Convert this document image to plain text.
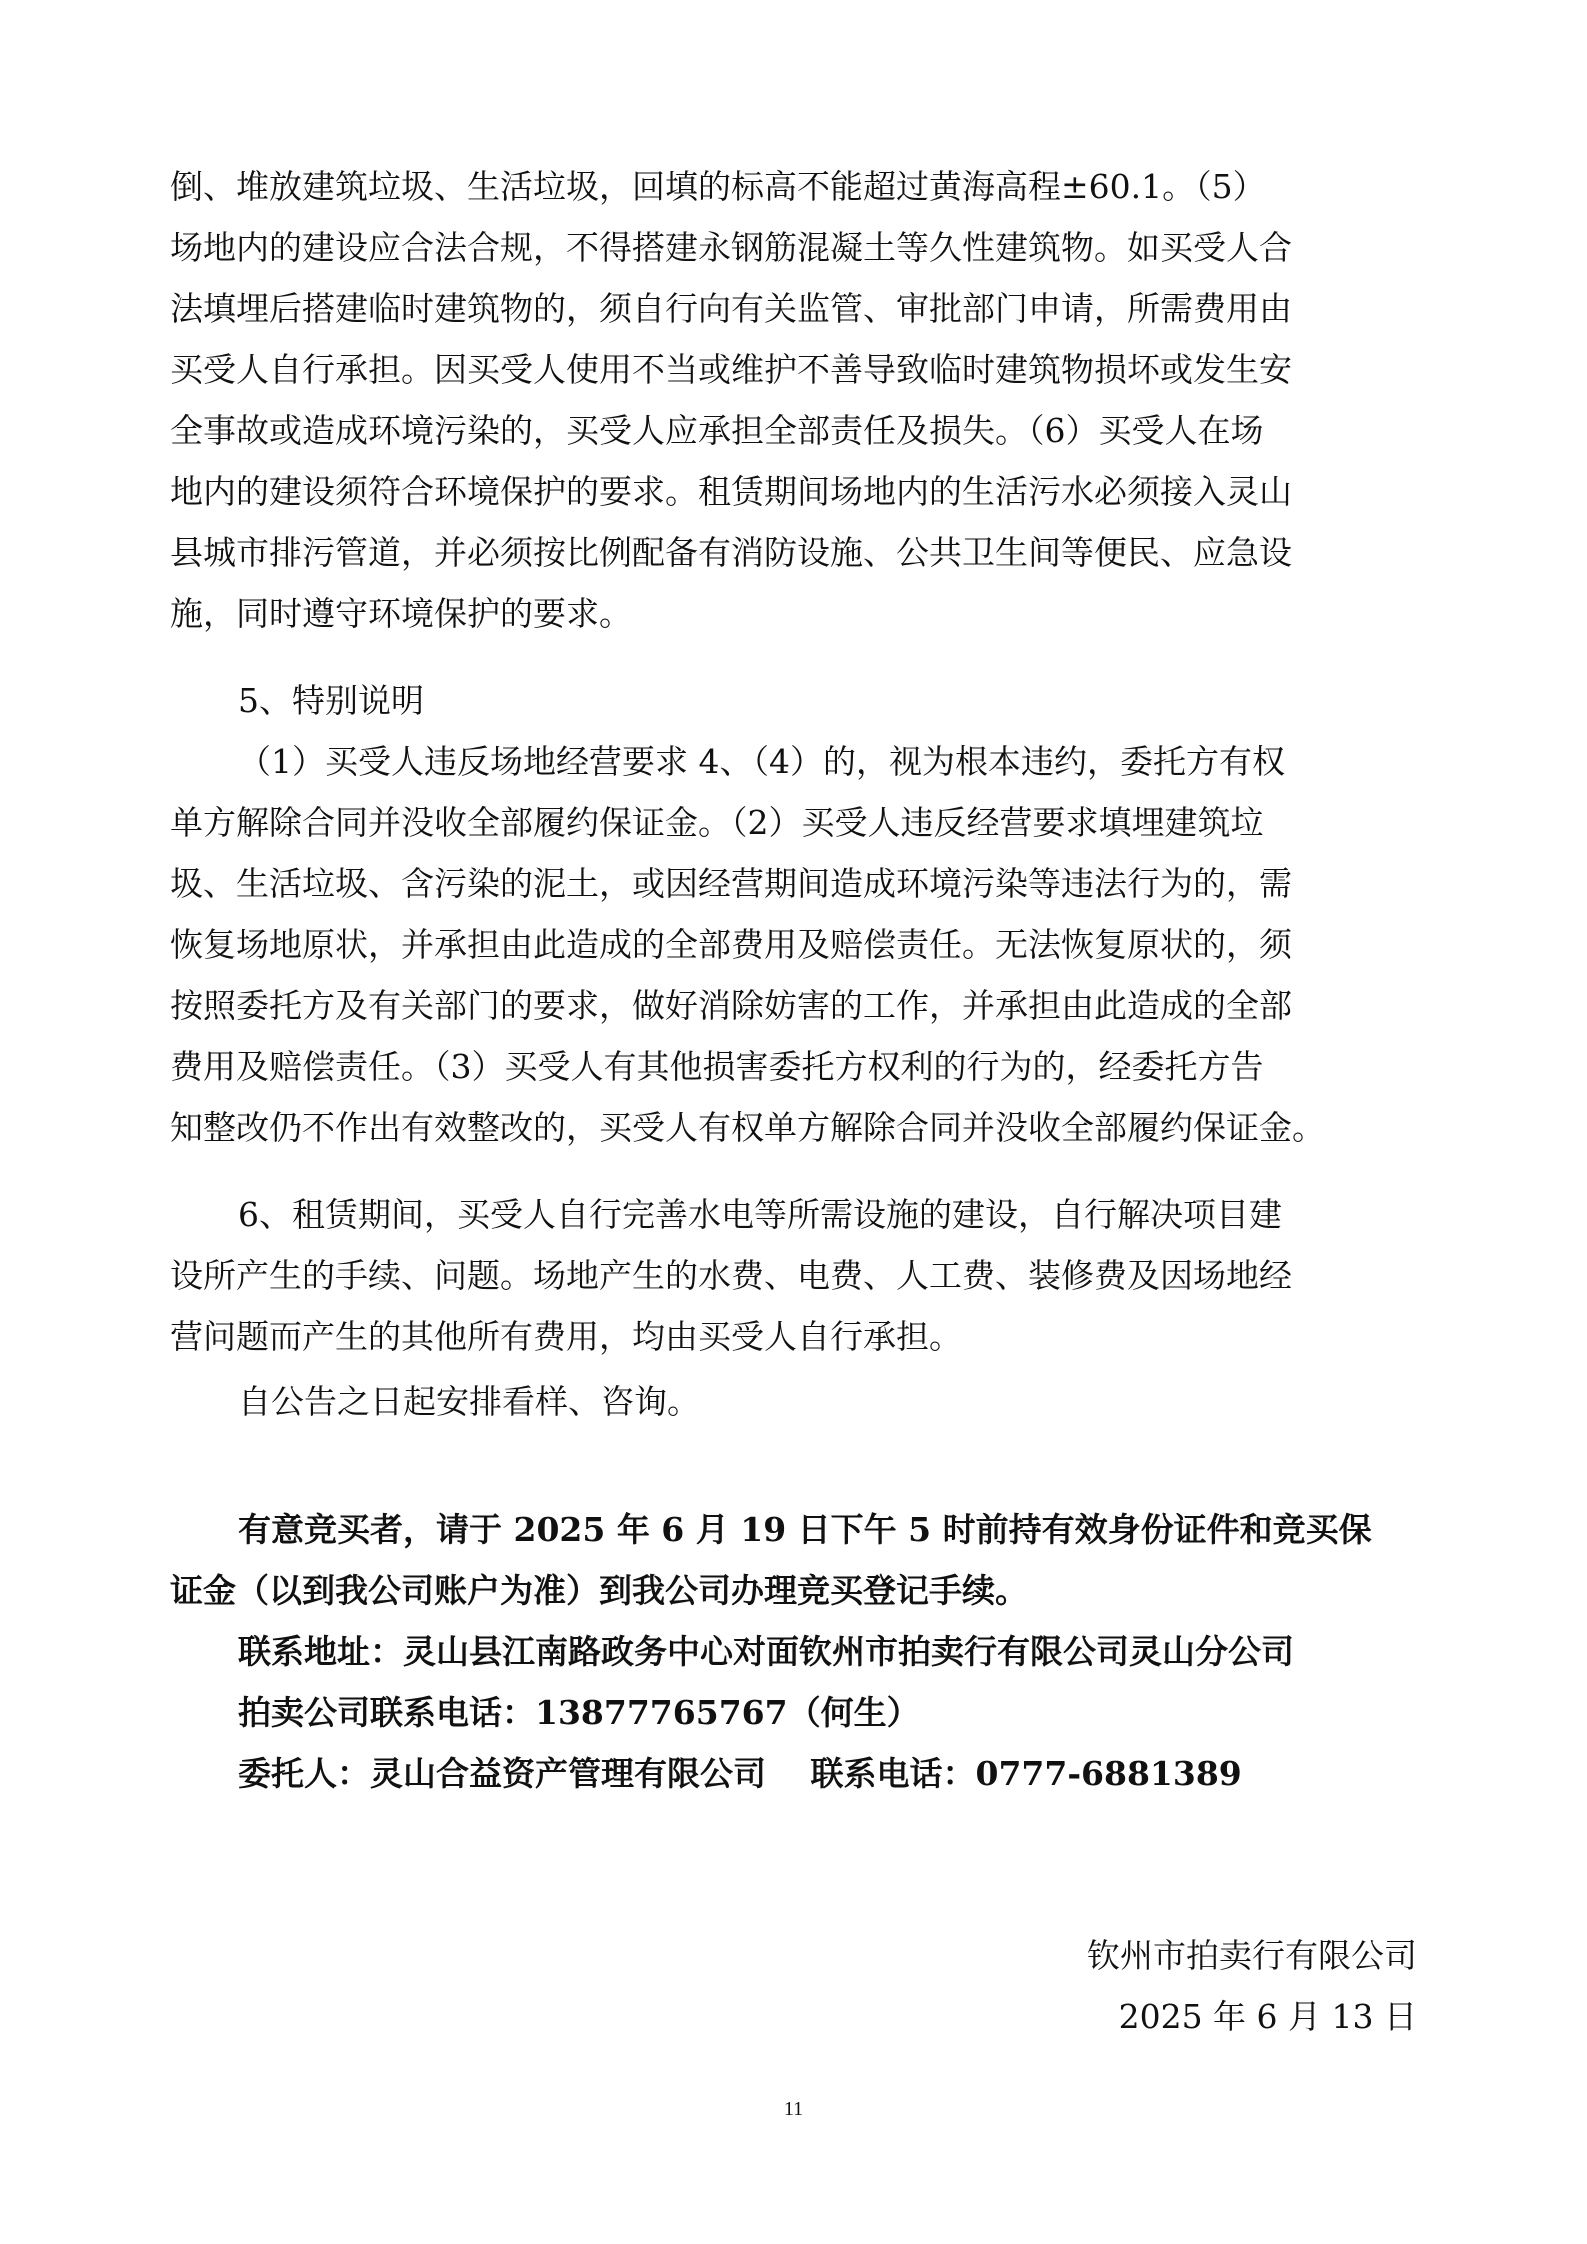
倒、堆放建筑垃圾、生活垃圾，回填的标高不能超过黄海高程±60.1。（5）
场地内的建设应合法合规，不得搭建永钢筋混凝土等久性建筑物。如买受人合
法填埋后搭建临时建筑物的，须自行向有关监管、审批部门申请，所需费用由
买受人自行承担。因买受人使用不当或维护不善导致临时建筑物损坏或发生安
全事故或造成环境污染的，买受人应承担全部责任及损失。（6）买受人在场
地内的建设须符合环境保护的要求。租赁期间场地内的生活污水必须接入灵山
县城市排污管道，并必须按比例配备有消防设施、公共卫生间等便民、应急设
施，同时遵守环境保护的要求。
5、特别说明
（1）买受人违反场地经营要求 4、（4）的，视为根本违约，委托方有权
单方解除合同并没收全部履约保证金。（2）买受人违反经营要求填埋建筑垃
圾、生活垃圾、含污染的泥土，或因经营期间造成环境污染等违法行为的，需
恢复场地原状，并承担由此造成的全部费用及赔偿责任。无法恢复原状的，须
按照委托方及有关部门的要求，做好消除妨害的工作，并承担由此造成的全部
费用及赔偿责任。（3）买受人有其他损害委托方权利的行为的，经委托方告
知整改仍不作出有效整改的，买受人有权单方解除合同并没收全部履约保证金。
6、租赁期间，买受人自行完善水电等所需设施的建设，自行解决项目建
设所产生的手续、问题。场地产生的水费、电费、人工费、装修费及因场地经
营问题而产生的其他所有费用，均由买受人自行承担。
自公告之日起安排看样、咨询。
有意竞买者，请于 2025 年 6 月 19 日下午 5 时前持有效身份证件和竞买保
证金（以到我公司账户为准）到我公司办理竞买登记手续。
联系地址：灵山县江南路政务中心对面钦州市拍卖行有限公司灵山分公司
拍卖公司联系电话：13877765767（何生）
委托人：灵山合益资产管理有限公司　 联系电话：0777-6881389
钦州市拍卖行有限公司
2025 年 6 月 13 日
11
